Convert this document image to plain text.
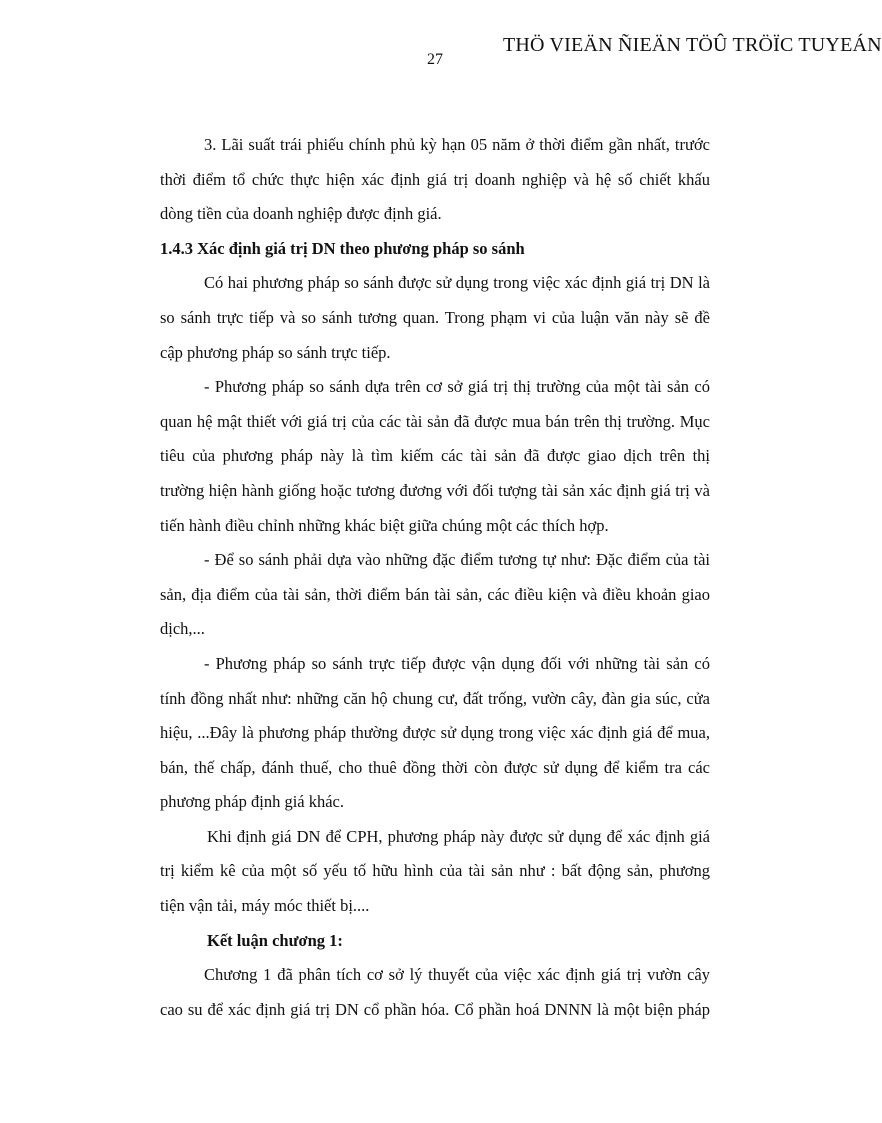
THÖ VIEÄN ÑIEÄN TÖÛ TRÖÏC TUYEÁN
27

3. Lãi suất trái phiếu chính phủ kỳ hạn 05 năm ở thời điểm gần nhất, trước

thời điểm tổ chức thực hiện xác định giá trị doanh nghiệp và hệ số chiết khấu

dòng tiền của doanh nghiệp được định giá.

1.4.3 Xác định giá trị DN theo phương pháp so sánh

Có hai phương pháp so sánh được sử dụng trong việc xác định giá trị DN là

so sánh trực tiếp và so sánh tương quan. Trong phạm vi của luận văn này sẽ đề

cập phương pháp so sánh trực tiếp.

- Phương pháp so sánh dựa trên cơ sở giá trị thị trường của một tài sản có

quan hệ mật thiết với giá trị của các tài sản đã được mua bán trên thị trường. Mục

tiêu của phương pháp này là tìm kiếm các tài sản đã được giao dịch trên thị

trường hiện hành giống hoặc tương đương với đối tượng tài sản xác định giá trị và

tiến hành điều chỉnh những khác biệt giữa chúng một các thích hợp.

- Để so sánh phải dựa vào những đặc điểm tương tự như: Đặc điểm của tài

sản, địa điểm của tài sản, thời điểm bán tài sản, các điều kiện và điều khoản giao

dịch,...

- Phương pháp so sánh trực tiếp được vận dụng đối với những tài sản có

tính đồng nhất như: những căn hộ chung cư, đất trống, vườn cây, đàn gia súc, cửa

hiệu, ...Đây là phương pháp thường được sử dụng trong việc xác định giá để mua,

bán, thế chấp, đánh thuế, cho thuê đồng thời còn được sử dụng để kiểm tra các

phương pháp định giá khác.

Khi định giá DN để CPH, phương pháp này được sử dụng để xác định giá

trị kiểm kê của một số yếu tố hữu hình của tài sản như : bất động sản, phương

tiện vận tải, máy móc thiết bị....

Kết luận chương 1:

Chương 1 đã phân tích cơ sở lý thuyết của việc xác định giá trị vườn cây

cao su để xác định giá trị DN cổ phần hóa. Cổ phần hoá DNNN là một biện pháp
